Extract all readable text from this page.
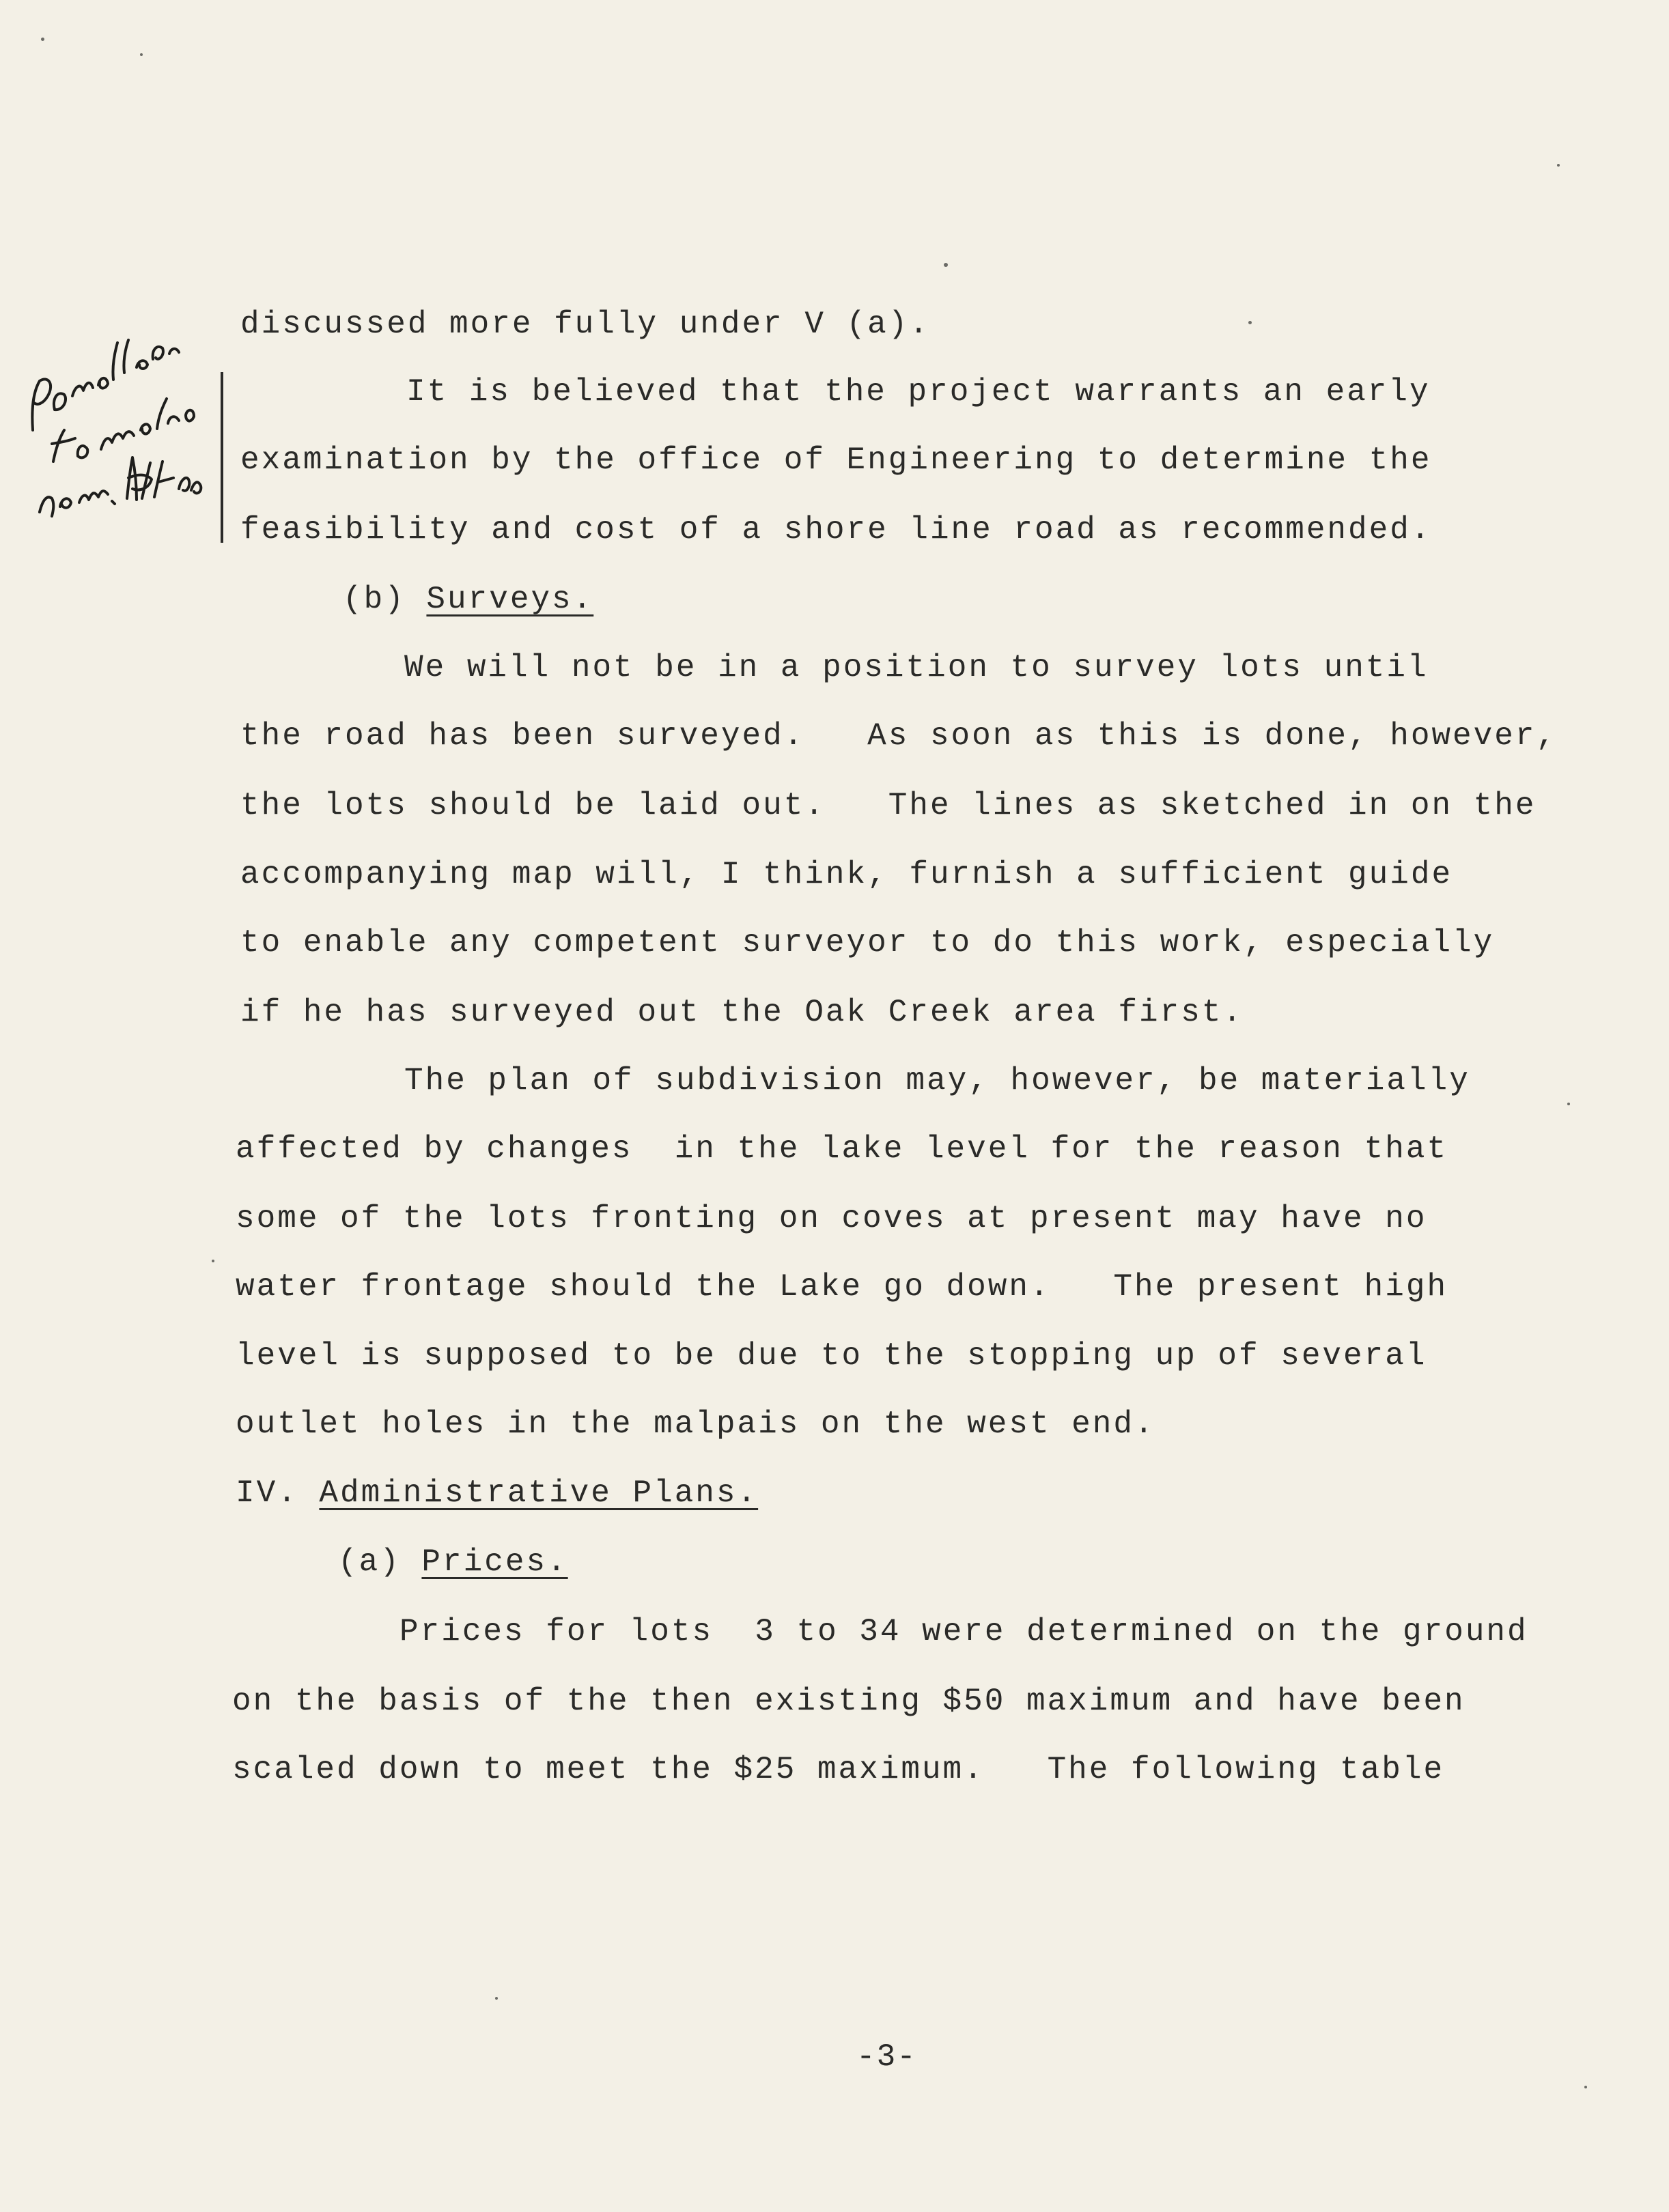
discussed more fully under V (a).
It is believed that the project warrants an early
examination by the office of Engineering to determine the
feasibility and cost of a shore line road as recommended.
(b) Surveys.
We will not be in a position to survey lots until
the road has been surveyed.   As soon as this is done, however,
the lots should be laid out.   The lines as sketched in on the
accompanying map will, I think, furnish a sufficient guide
to enable any competent surveyor to do this work, especially
if he has surveyed out the Oak Creek area first.
The plan of subdivision may, however, be materially
affected by changes  in the lake level for the reason that
some of the lots fronting on coves at present may have no
water frontage should the Lake go down.   The present high
level is supposed to be due to the stopping up of several
outlet holes in the malpais on the west end.
IV. Administrative Plans.
(a) Prices.
Prices for lots  3 to 34 were determined on the ground
on the basis of the then existing $50 maximum and have been
scaled down to meet the $25 maximum.   The following table
-3-
